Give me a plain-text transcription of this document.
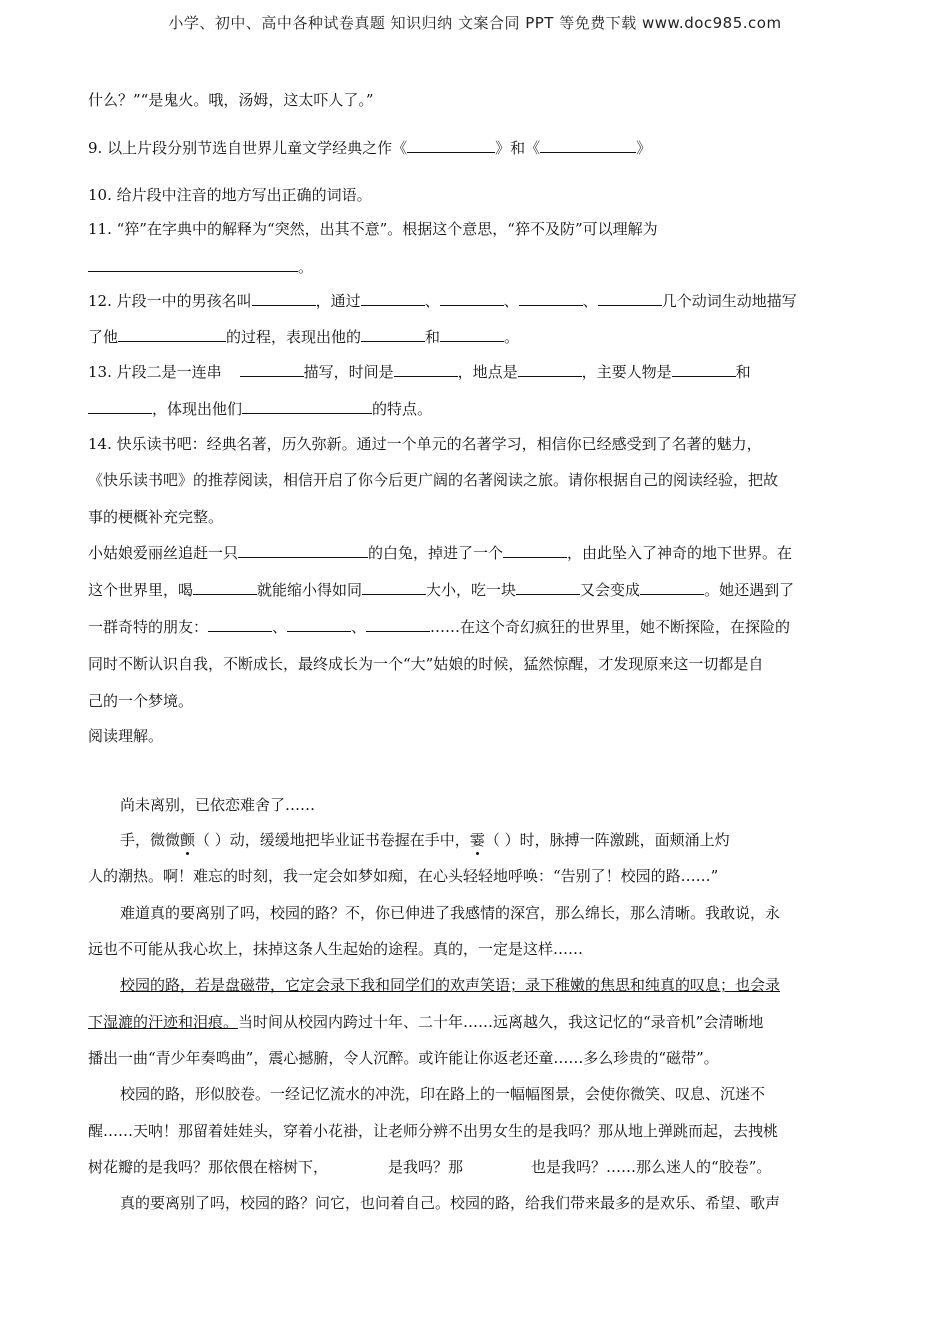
小学、初中、高中各种试卷真题 知识归纳 文案合同 PPT 等免费下载 www.doc985.com
什么？”“是鬼火。哦，汤姆，这太吓人了。”
9. 以上片段分别节选自世界儿童文学经典之作《	》和《	》
10. 给片段中注音的地方写出正确的词语。
11. “猝”在字典中的解释为“突然，出其不意”。根据这个意思，“猝不及防”可以理解为
。
12. 片段一中的男孩名叫	，通过	、	、	、	几个动词生动地描写
了他	的过程，表现出他的	和	。
13. 片段二是一连串	描写，时间是	，地点是	，主要人物是	和
，体现出他们	的特点。
14. 快乐读书吧：经典名著，历久弥新。通过一个单元的名著学习，相信你已经感受到了名著的魅力，
《快乐读书吧》的推荐阅读，相信开启了你今后更广阔的名著阅读之旅。请你根据自己的阅读经验，把故
事的梗概补充完整。
小姑娘爱丽丝追赶一只	的白兔，掉进了一个	，由此坠入了神奇的地下世界。在
这个世界里，喝	就能缩小得如同	大小，吃一块	又会变成	。她还遇到了
一群奇特的朋友：	、	、	……在这个奇幻疯狂的世界里，她不断探险，在探险的
同时不断认识自我，不断成长，最终成长为一个“大”姑娘的时候，猛然惊醒，才发现原来这一切都是自
己的一个梦境。
阅读理解。
尚未离别，已依恋难舍了……
手，微微颤（ ）动，缓缓地把毕业证书卷握在手中，霎（ ）时，脉搏一阵激跳，面颊涌上灼
人的潮热。啊！难忘的时刻，我一定会如梦如痴，在心头轻轻地呼唤：“告别了！校园的路……”
难道真的要离别了吗，校园的路？不，你已伸进了我感情的深宫，那么绵长，那么清晰。我敢说，永
远也不可能从我心坎上，抹掉这条人生起始的途程。真的，一定是这样……
校园的路，若是盘磁带，它定会录下我和同学们的欢声笑语；录下稚嫩的焦思和纯真的叹息；也会录
下湿漉的汗迹和泪痕。当时间从校园内跨过十年、二十年……远离越久，我这记忆的“录音机”会清晰地
播出一曲“青少年奏鸣曲”，震心撼腑，令人沉醉。或许能让你返老还童……多么珍贵的“磁带”。
校园的路，形似胶卷。一经记忆流水的冲洗，印在路上的一幅幅图景，会使你微笑、叹息、沉迷不
醒……天呐！那留着娃娃头，穿着小花褂，让老师分辨不出男女生的是我吗？那从地上弹跳而起，去拽桃
树花瓣的是我吗？那依偎在榕树下，	是我吗？那	也是我吗？……那么迷人的“胶卷”。
真的要离别了吗，校园的路？问它，也问着自己。校园的路，给我们带来最多的是欢乐、希望、歌声
